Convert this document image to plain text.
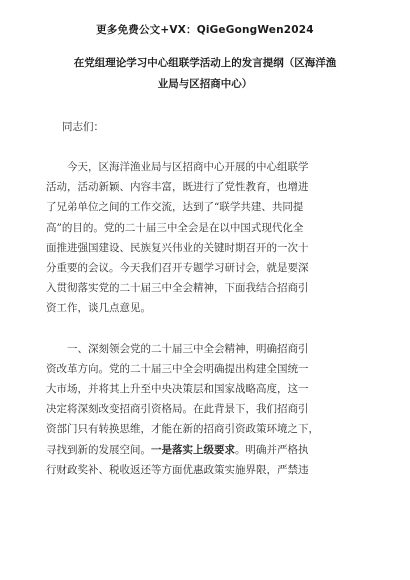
更多免费公文+VX：QiGeGongWen2024
在党组理论学习中心组联学活动上的发言提纲（区海洋渔
业局与区招商中心）
同志们：
今天，区海洋渔业局与区招商中心开展的中心组联学
活动，活动新颖、内容丰富，既进行了党性教育，也增进
了兄弟单位之间的工作交流，达到了“联学共建、共同提
高”的目的。党的二十届三中全会是在以中国式现代化全
面推进强国建设、民族复兴伟业的关键时期召开的一次十
分重要的会议。今天我们召开专题学习研讨会，就是要深
入贯彻落实党的二十届三中全会精神，下面我结合招商引
资工作，谈几点意见。
一、深刻领会党的二十届三中全会精神，明确招商引
资改革方向。党的二十届三中全会明确提出构建全国统一
大市场，并将其上升至中央决策层和国家战略高度，这一
决定将深刻改变招商引资格局。在此背景下，我们招商引
资部门只有转换思维，才能在新的招商引资政策环境之下，
寻找到新的发展空间。一是落实上级要求。明确并严格执
行财政奖补、税收返还等方面优惠政策实施界限，严禁违
